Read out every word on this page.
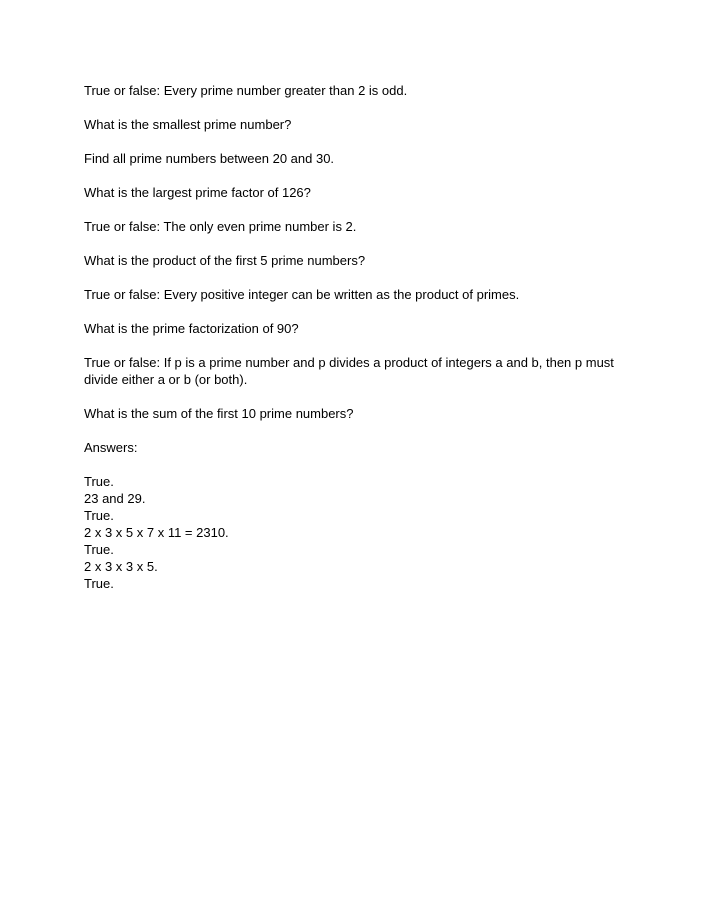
True or false: Every prime number greater than 2 is odd.

What is the smallest prime number?

Find all prime numbers between 20 and 30.

What is the largest prime factor of 126?

True or false: The only even prime number is 2.

What is the product of the first 5 prime numbers?

True or false: Every positive integer can be written as the product of primes.

What is the prime factorization of 90?

True or false: If p is a prime number and p divides a product of integers a and b, then p must divide either a or b (or both).

What is the sum of the first 10 prime numbers?

Answers:

True.

23 and 29.

True.

2 x 3 x 5 x 7 x 11 = 2310.

True.

2 x 3 x 3 x 5.

True.
